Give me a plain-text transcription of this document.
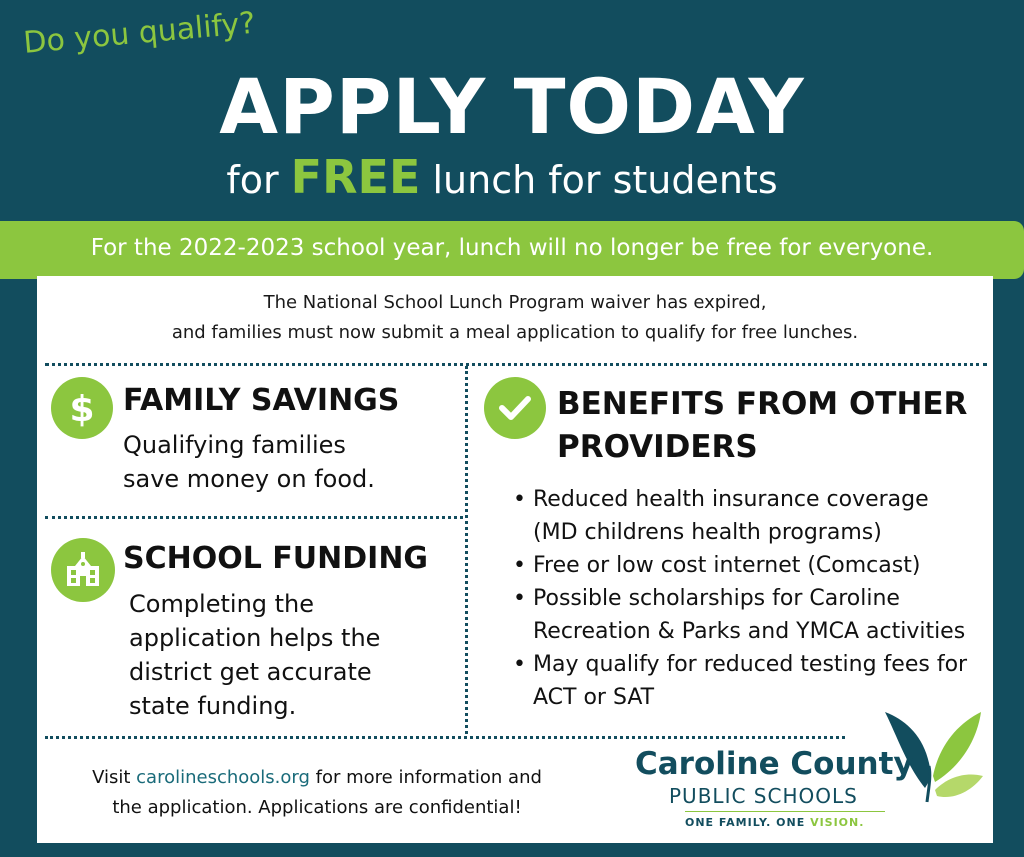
Do you qualify?
APPLY TODAY
for FREE lunch for students
For the 2022-2023 school year, lunch will no longer be free for everyone.
The National School Lunch Program waiver has expired,
and families must now submit a meal application to qualify for free lunches.
$ FAMILY SAVINGS
Qualifying families
save money on food.
SCHOOL FUNDING
Completing the
application helps the
district get accurate
state funding.
BENEFITS FROM OTHER
PROVIDERS
• Reduced health insurance coverage
(MD childrens health programs)
• Free or low cost internet (Comcast)
• Possible scholarships for Caroline
Recreation & Parks and YMCA activities
• May qualify for reduced testing fees for
ACT or SAT
Visit carolineschools.org for more information and
the application. Applications are confidential!
Caroline County
PUBLIC SCHOOLS
ONE FAMILY. ONE VISION.
